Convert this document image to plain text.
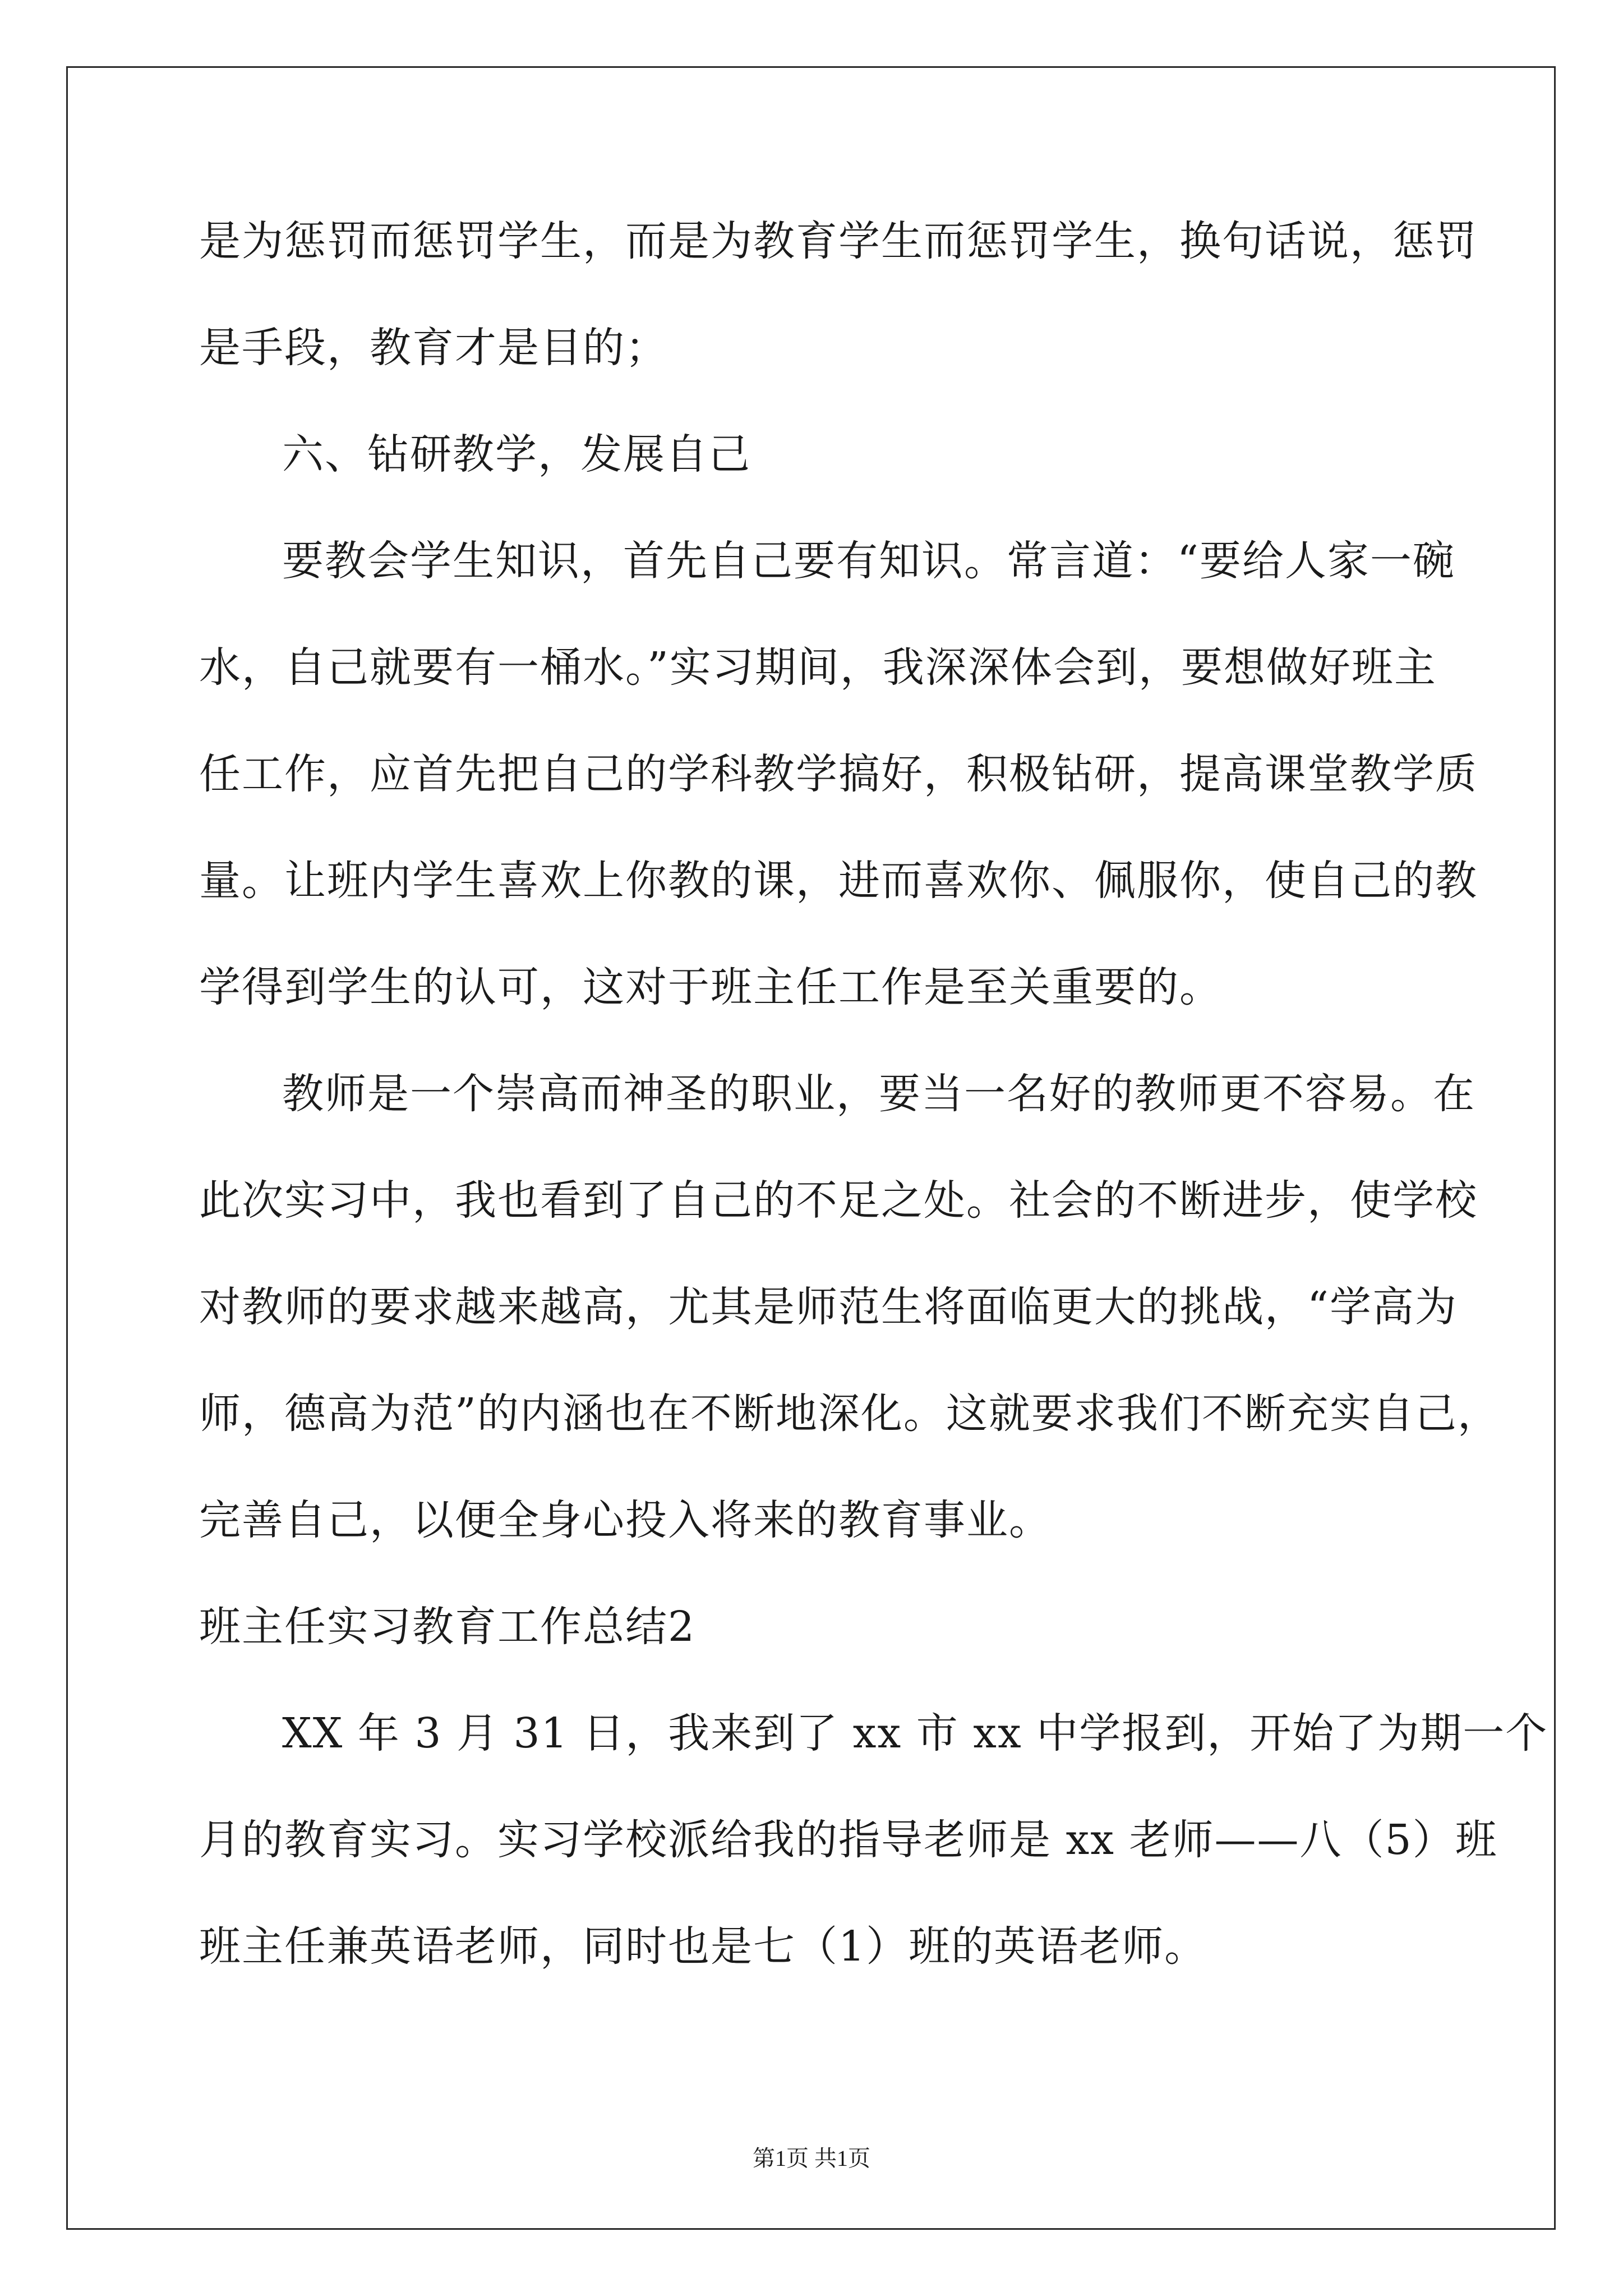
是为惩罚而惩罚学生，而是为教育学生而惩罚学生，换句话说，惩罚
是手段，教育才是目的；
六、钻研教学，发展自己
要教会学生知识，首先自己要有知识。常言道：“要给人家一碗
水，自己就要有一桶水。”实习期间，我深深体会到，要想做好班主
任工作，应首先把自己的学科教学搞好，积极钻研，提高课堂教学质
量。让班内学生喜欢上你教的课，进而喜欢你、佩服你，使自己的教
学得到学生的认可，这对于班主任工作是至关重要的。
教师是一个崇高而神圣的职业，要当一名好的教师更不容易。在
此次实习中，我也看到了自己的不足之处。社会的不断进步，使学校
对教师的要求越来越高，尤其是师范生将面临更大的挑战，“学高为
师，德高为范”的内涵也在不断地深化。这就要求我们不断充实自己，
完善自己，以便全身心投入将来的教育事业。
班主任实习教育工作总结2
XX 年 3 月 31 日，我来到了 xx 市 xx 中学报到，开始了为期一个
月的教育实习。实习学校派给我的指导老师是 xx 老师——八（5）班
班主任兼英语老师，同时也是七（1）班的英语老师。
第1页 共1页
